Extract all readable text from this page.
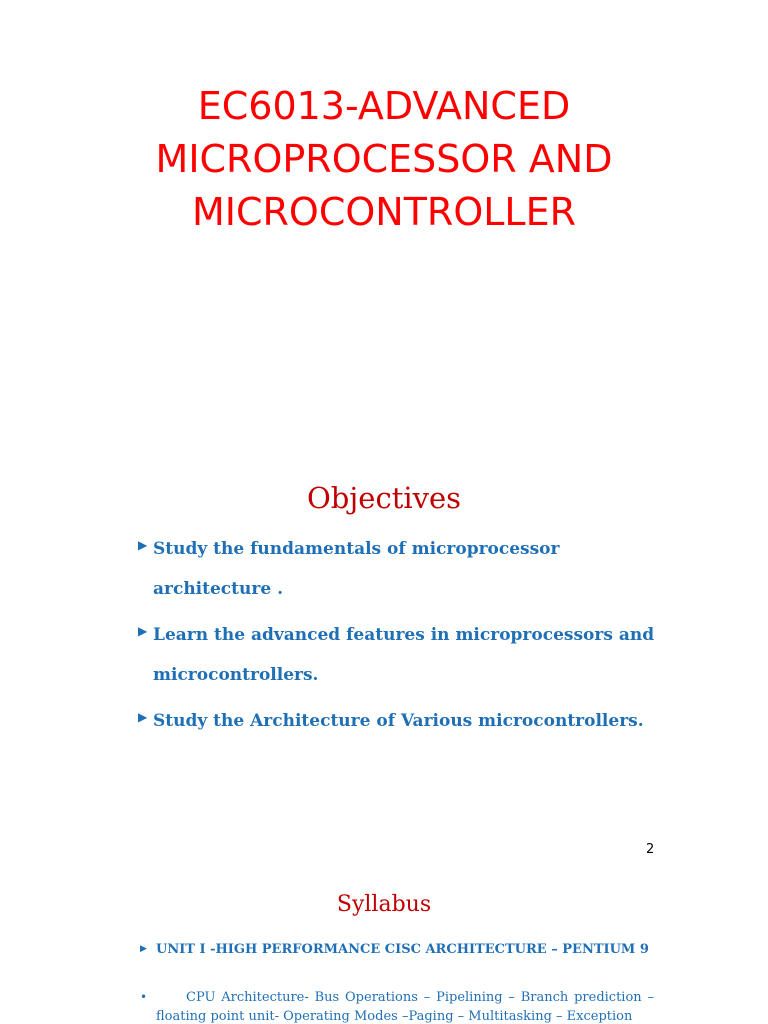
EC6013-ADVANCED
MICROPROCESSOR AND
MICROCONTROLLER
Objectives
▶ Study the fundamentals of microprocessor
architecture .
▶ Learn the advanced features in microprocessors and
microcontrollers.
▶ Study the Architecture of Various microcontrollers.
2
Syllabus
▶ UNIT I -HIGH PERFORMANCE CISC ARCHITECTURE – PENTIUM 9
•	CPU Architecture- Bus Operations – Pipelining – Branch prediction – floating point unit- Operating Modes –Paging – Multitasking – Exception
